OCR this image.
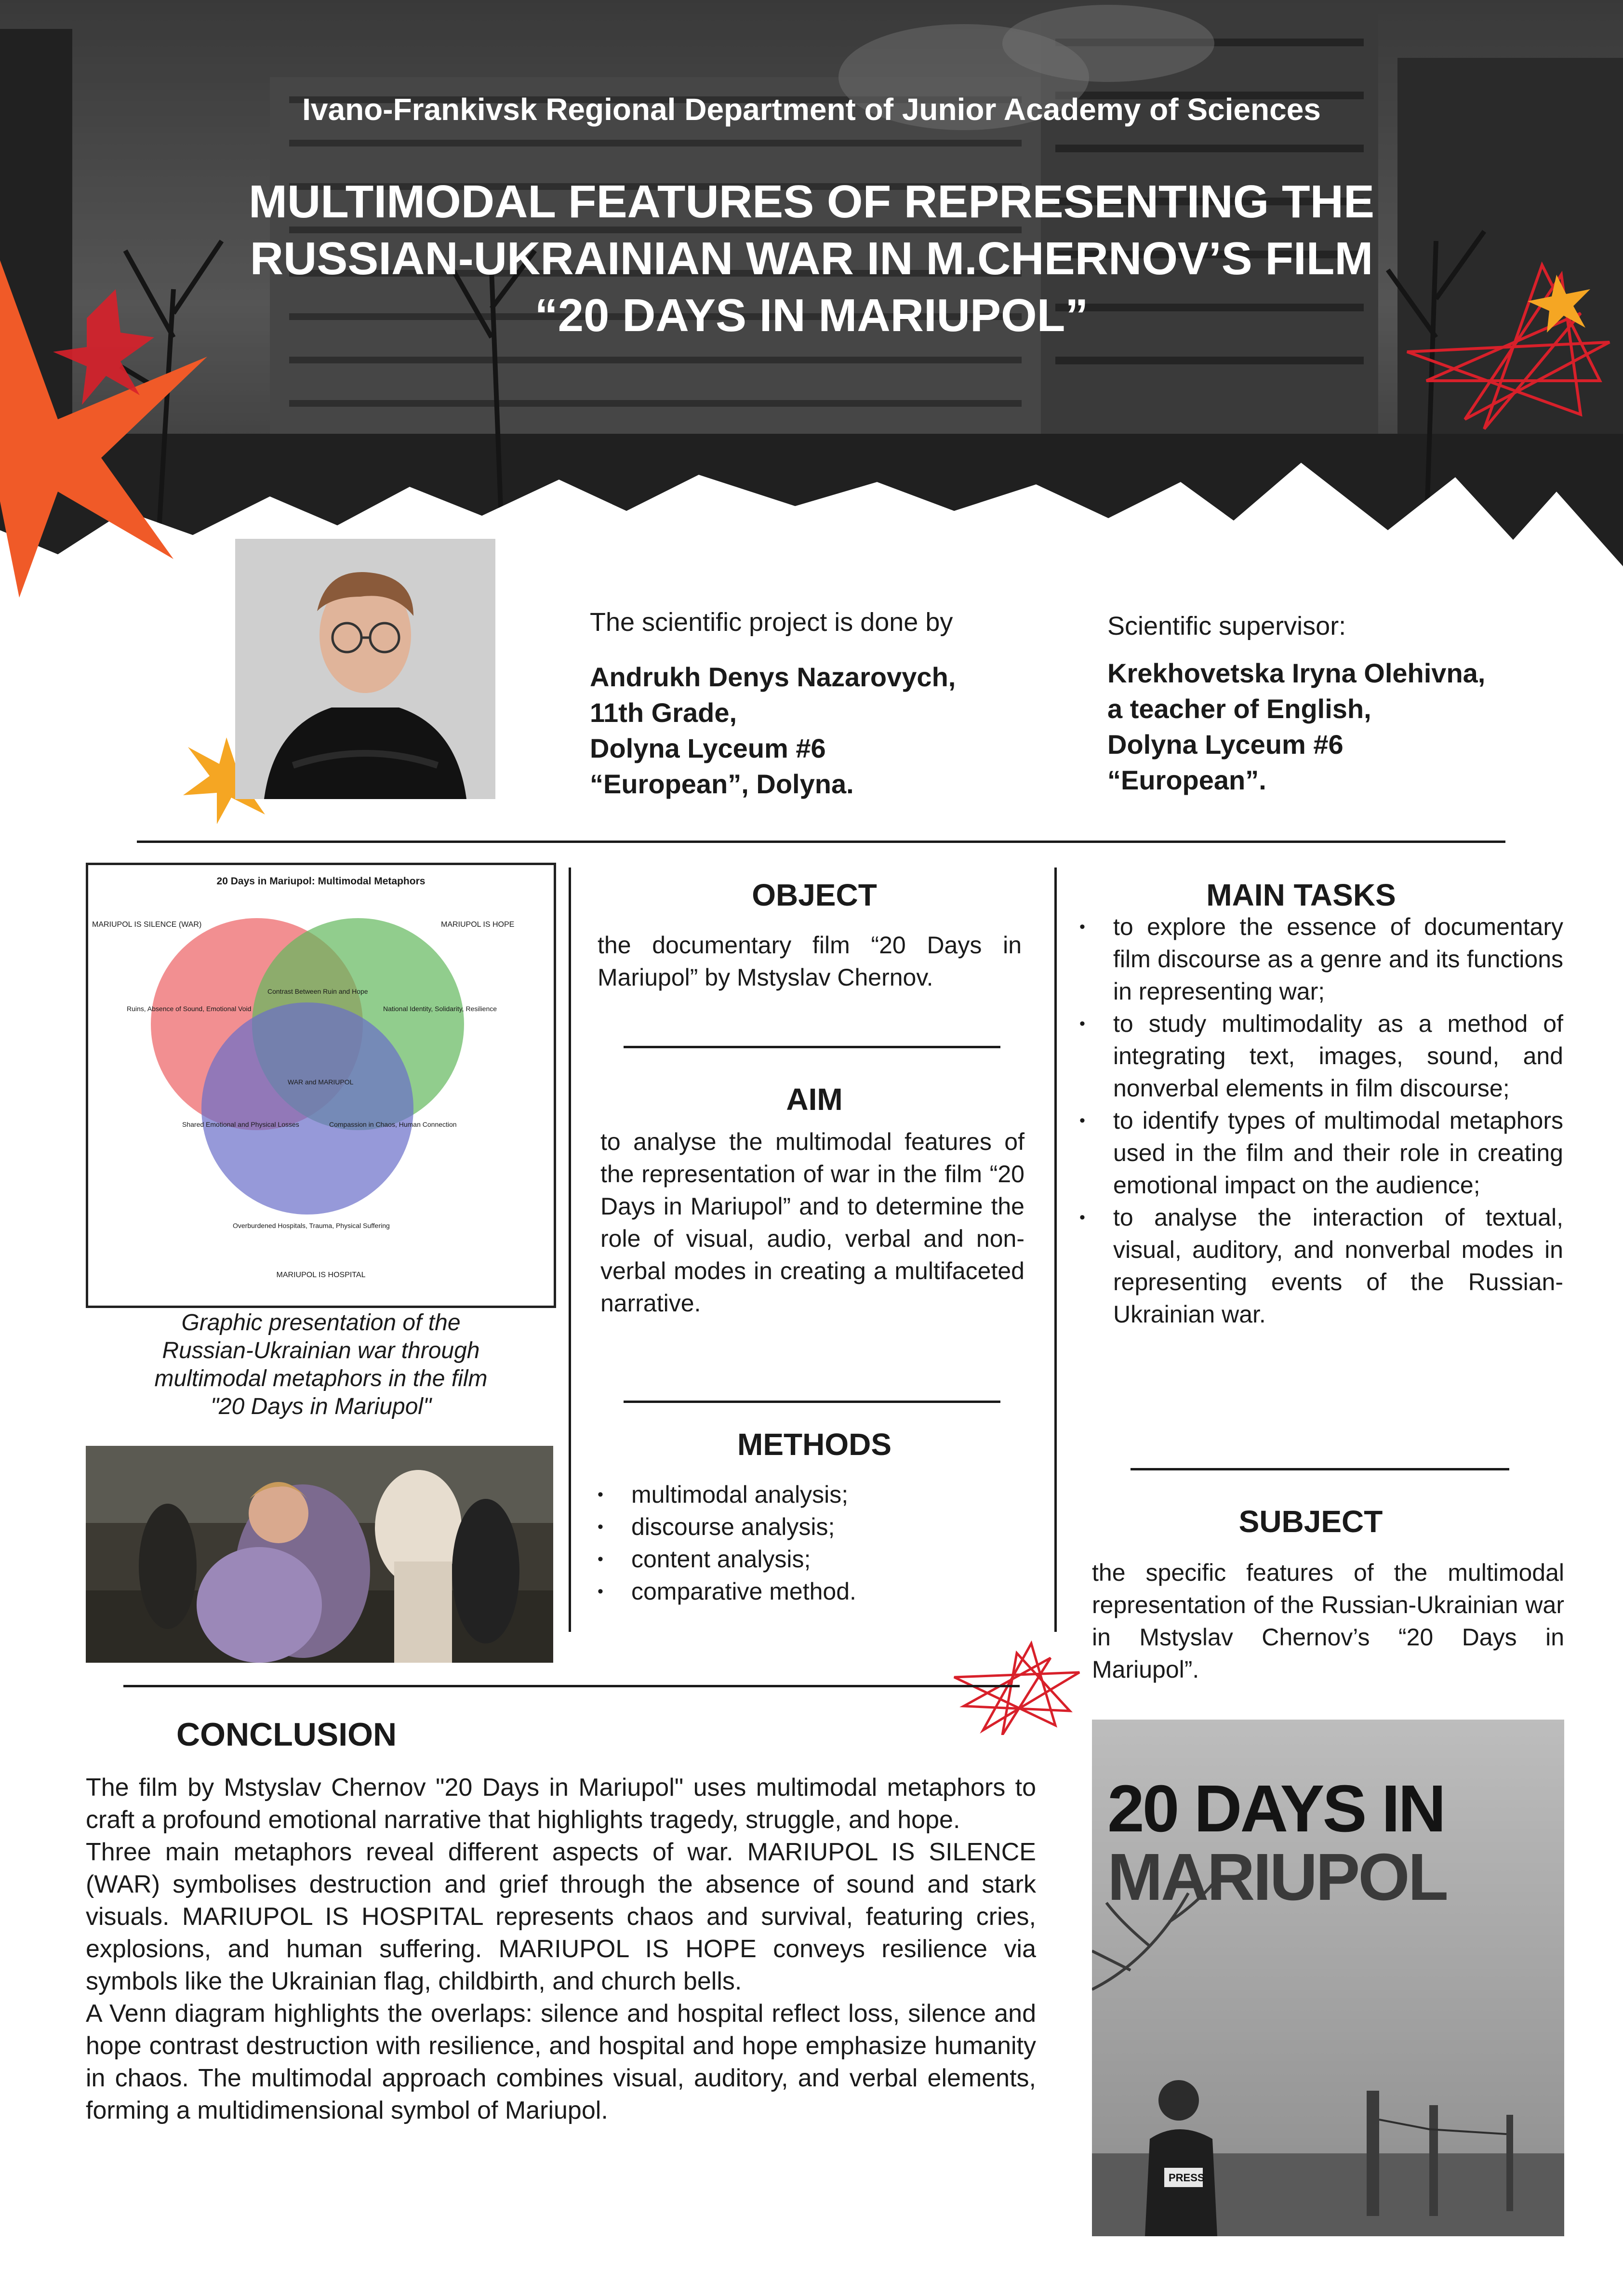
Ivano-Frankivsk Regional Department of Junior Academy of Sciences
MULTIMODAL FEATURES OF REPRESENTING THE
RUSSIAN-UKRAINIAN WAR IN M.CHERNOV’S FILM
“20 DAYS IN MARIUPOL”
The scientific project is done by
Andrukh Denys Nazarovych,
11th Grade,
Dolyna Lyceum #6
“European”, Dolyna.
Scientific supervisor:
Krekhovetska Iryna Olehivna,
a teacher of English,
Dolyna Lyceum #6
“European”.
20 Days in Mariupol: Multimodal Metaphors
MARIUPOL IS SILENCE (WAR)	MARIUPOL IS HOPE
MARIUPOL IS HOSPITAL
Ruins, Absence of Sound, Emotional Void	National Identity, Solidarity, Resilience
Overburdened Hospitals, Trauma, Physical Suffering
Contrast Between Ruin and Hope
Shared Emotional and Physical Losses	Compassion in Chaos, Human Connection
WAR and MARIUPOL
Graphic presentation of the
Russian-Ukrainian war through
multimodal metaphors in the film
"20 Days in Mariupol"
OBJECT
the documentary film “20 Days in Mariupol” by Mstyslav Chernov.
AIM
to analyse the multimodal features of the representation of war in the film “20 Days in Mariupol” and to determine the role of visual, audio, verbal and non-verbal modes in creating a multifaceted narrative.
METHODS
• multimodal analysis;
• discourse analysis;
• content analysis;
• comparative method.
MAIN TASKS
• to explore the essence of documentary film discourse as a genre and its functions in representing war;
• to study multimodality as a method of integrating text, images, sound, and nonverbal elements in film discourse;
• to identify types of multimodal metaphors used in the film and their role in creating emotional impact on the audience;
• to analyse the interaction of textual, visual, auditory, and nonverbal modes in representing events of the Russian-Ukrainian war.
SUBJECT
the specific features of the multimodal representation of the Russian-Ukrainian war in Mstyslav Chernov’s “20 Days in Mariupol”.
CONCLUSION
The film by Mstyslav Chernov "20 Days in Mariupol" uses multimodal metaphors to craft a profound emotional narrative that highlights tragedy, struggle, and hope.
Three main metaphors reveal different aspects of war. MARIUPOL IS SILENCE (WAR) symbolises destruction and grief through the absence of sound and stark visuals. MARIUPOL IS HOSPITAL represents chaos and survival, featuring cries, explosions, and human suffering. MARIUPOL IS HOPE conveys resilience via symbols like the Ukrainian flag, childbirth, and church bells.
A Venn diagram highlights the overlaps: silence and hospital reflect loss, silence and hope contrast destruction with resilience, and hospital and hope emphasize humanity in chaos. The multimodal approach combines visual, auditory, and verbal elements, forming a multidimensional symbol of Mariupol.
20 DAYS IN
MARIUPOL
PRESS
